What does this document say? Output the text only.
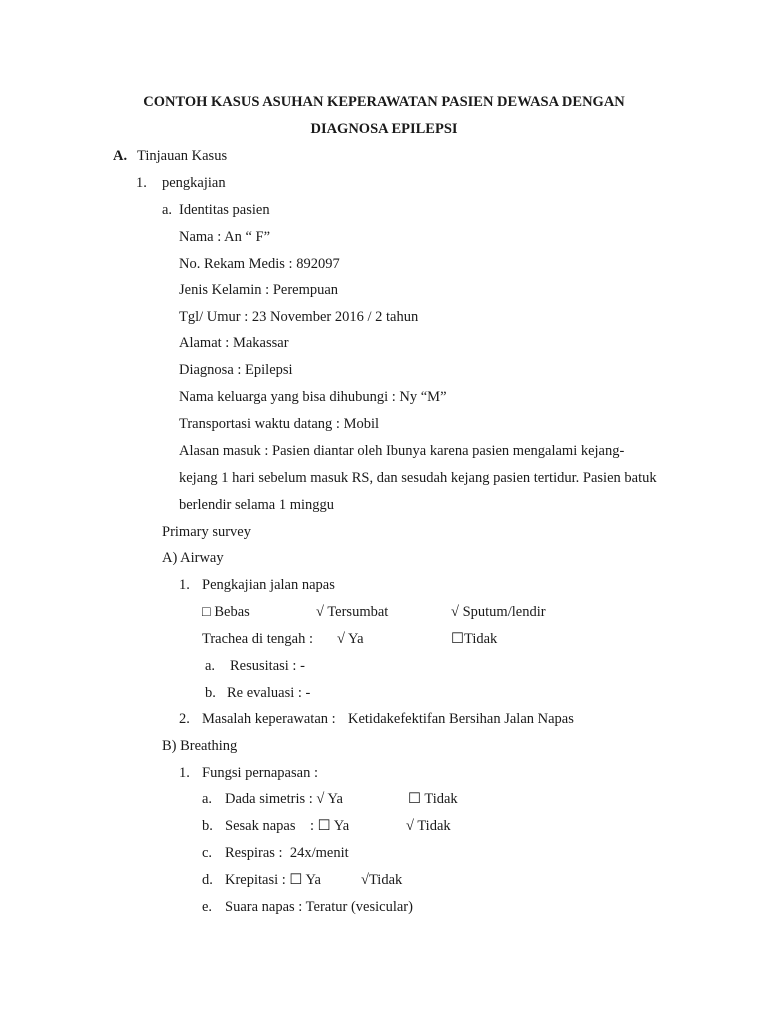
CONTOH KASUS ASUHAN KEPERAWATAN PASIEN DEWASA DENGAN
DIAGNOSA EPILEPSI
A. Tinjauan Kasus
1. pengkajian
a. Identitas pasien
Nama : An “ F”
No. Rekam Medis : 892097
Jenis Kelamin : Perempuan
Tgl/ Umur : 23 November 2016 / 2 tahun
Alamat : Makassar
Diagnosa : Epilepsi
Nama keluarga yang bisa dihubungi : Ny “M”
Transportasi waktu datang : Mobil
Alasan masuk : Pasien diantar oleh Ibunya karena pasien mengalami kejang-
kejang 1 hari sebelum masuk RS, dan sesudah kejang pasien tertidur. Pasien batuk
berlendir selama 1 minggu
Primary survey
A) Airway
1. Pengkajian jalan napas
□ Bebas	√ Tersumbat	√ Sputum/lendir
Trachea di tengah : √ Ya	☐Tidak
a. Resusitasi : -
b. Re evaluasi : -
2. Masalah keperawatan : Ketidakefektifan Bersihan Jalan Napas
B) Breathing
1. Fungsi pernapasan :
a. Dada simetris : √ Ya	☐ Tidak
b. Sesak napas    : ☐ Ya	√ Tidak
c. Respiras :  24x/menit
d. Krepitasi : ☐ Ya	√Tidak
e. Suara napas : Teratur (vesicular)
